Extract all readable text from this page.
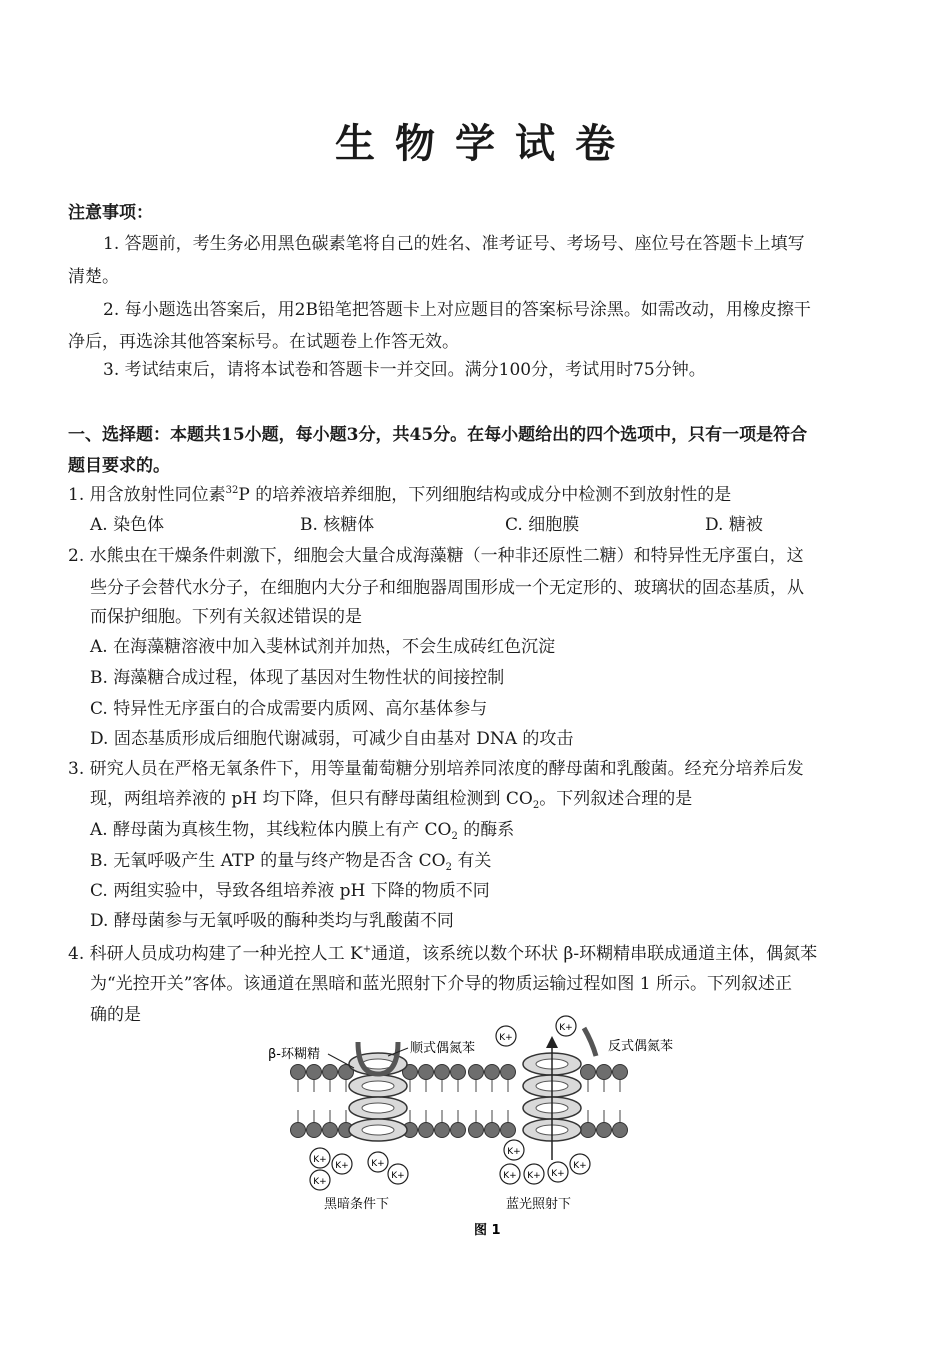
生物学试卷
注意事项：
1. 答题前，考生务必用黑色碳素笔将自己的姓名、准考证号、考场号、座位号在答题卡上填写
清楚。
2. 每小题选出答案后，用2B铅笔把答题卡上对应题目的答案标号涂黑。如需改动，用橡皮擦干
净后，再选涂其他答案标号。在试题卷上作答无效。
3. 考试结束后，请将本试卷和答题卡一并交回。满分100分，考试用时75分钟。
一、选择题：本题共15小题，每小题3分，共45分。在每小题给出的四个选项中，只有一项是符合
题目要求的。
1. 用含放射性同位素$^{32}$P 的培养液培养细胞，下列细胞结构或成分中检测不到放射性的是
A. 染色体	B. 核糖体	C. 细胞膜	D. 糖被
2. 水熊虫在干燥条件刺激下，细胞会大量合成海藻糖（一种非还原性二糖）和特异性无序蛋白，这
些分子会替代水分子，在细胞内大分子和细胞器周围形成一个无定形的、玻璃状的固态基质，从
而保护细胞。下列有关叙述错误的是
A. 在海藻糖溶液中加入斐林试剂并加热，不会生成砖红色沉淀
B. 海藻糖合成过程，体现了基因对生物性状的间接控制
C. 特异性无序蛋白的合成需要内质网、高尔基体参与
D. 固态基质形成后细胞代谢减弱，可减少自由基对 DNA 的攻击
3. 研究人员在严格无氧条件下，用等量葡萄糖分别培养同浓度的酵母菌和乳酸菌。经充分培养后发
现，两组培养液的 pH 均下降，但只有酵母菌组检测到 $CO_2$。下列叙述合理的是
A. 酵母菌为真核生物，其线粒体内膜上有产 $CO_2$ 的酶系
B. 无氧呼吸产生 ATP 的量与终产物是否含 $CO_2$ 有关
C. 两组实验中，导致各组培养液 pH 下降的物质不同
D. 酵母菌参与无氧呼吸的酶种类均与乳酸菌不同
4. 科研人员成功构建了一种光控人工 K+通道，该系统以数个环状 β-环糊精串联成通道主体，偶氮苯
为“光控开关”客体。该通道在黑暗和蓝光照射下介导的物质运输过程如图 1 所示。下列叙述正
确的是
K+
K+	K+
K+
K+
K+
K+
K+
K+ K+ K+
K+
β-环糊精	顺式偶氮苯	反式偶氮苯
黑暗条件下	蓝光照射下
图 1
